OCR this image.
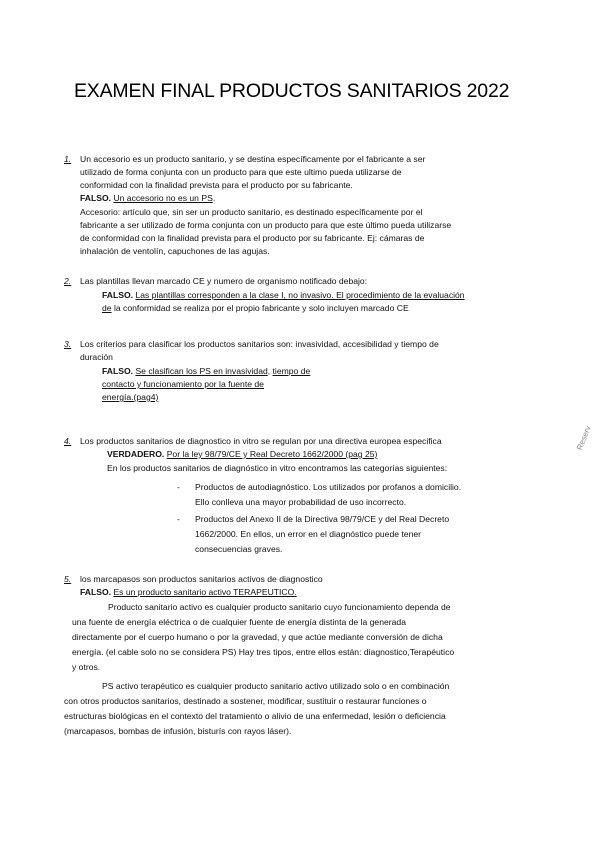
EXAMEN FINAL PRODUCTOS SANITARIOS 2022
Reserv
1. Un accesorio es un producto sanitario, y se destina específicamente por el fabricante a ser
utilizado de forma conjunta con un producto para que este ultimo pueda utilizarse de
conformidad con la finalidad prevista para el producto por su fabricante.
FALSO. Un accesorio no es un PS.
Accesorio: artículo que, sin ser un producto sanitario, es destinado específicamente por el
fabricante a ser utilizado de forma conjunta con un producto para que este último pueda utilizarse
de conformidad con la finalidad prevista para el producto por su fabricante. Ej: cámaras de
inhalación de ventolín, capuchones de las agujas.
2. Las plantillas llevan marcado CE y numero de organismo notificado debajo:
FALSO. Las plantillas corresponden a la clase I, no invasivo. El procedimiento de la evaluación
de la conformidad se realiza por el propio fabricante y solo incluyen marcado CE
3. Los criterios para clasificar los productos sanitarios son: invasividad, accesibilidad y tiempo de
duración
FALSO. Se clasifican los PS en invasividad, tiempo de
contacto y funcionamiento por la fuente de
energía.(pag4)
4. Los productos sanitarios de diagnostico in vitro se regulan por una directiva europea especifica
VERDADERO. Por la ley 98/79/CE y Real Decreto 1662/2000 (pag 25)
En los productos sanitarios de diagnóstico in vitro encontramos las categorías siguientes:
- Productos de autodiagnóstico. Los utilizados por profanos a domicilio.
Ello conlleva una mayor probabilidad de uso incorrecto.
- Productos del Anexo II de la Directiva 98/79/CE y del Real Decreto
1662/2000. En ellos, un error en el diagnóstico puede tener
consecuencias graves.
5. los marcapasos son productos sanitarios activos de diagnostico
FALSO. Es un producto sanitario activo TERAPEUTICO.
Producto sanitario activo es cualquier producto sanitario cuyo funcionamiento dependa de
una fuente de energía eléctrica o de cualquier fuente de energía distinta de la generada
directamente por el cuerpo humano o por la gravedad, y que actúe mediante conversión de dicha
energía. (el cable solo no se considera PS) Hay tres tipos, entre ellos están: diagnostico,Terapéutico
y otros.
PS activo terapéutico es cualquier producto sanitario activo utilizado solo o en combinación
con otros productos sanitarios, destinado a sostener, modificar, sustituir o restaurar funciones o
estructuras biológicas en el contexto del tratamiento o alivio de una enfermedad, lesión o deficiencia
(marcapasos, bombas de infusión, bisturís con rayos láser).
